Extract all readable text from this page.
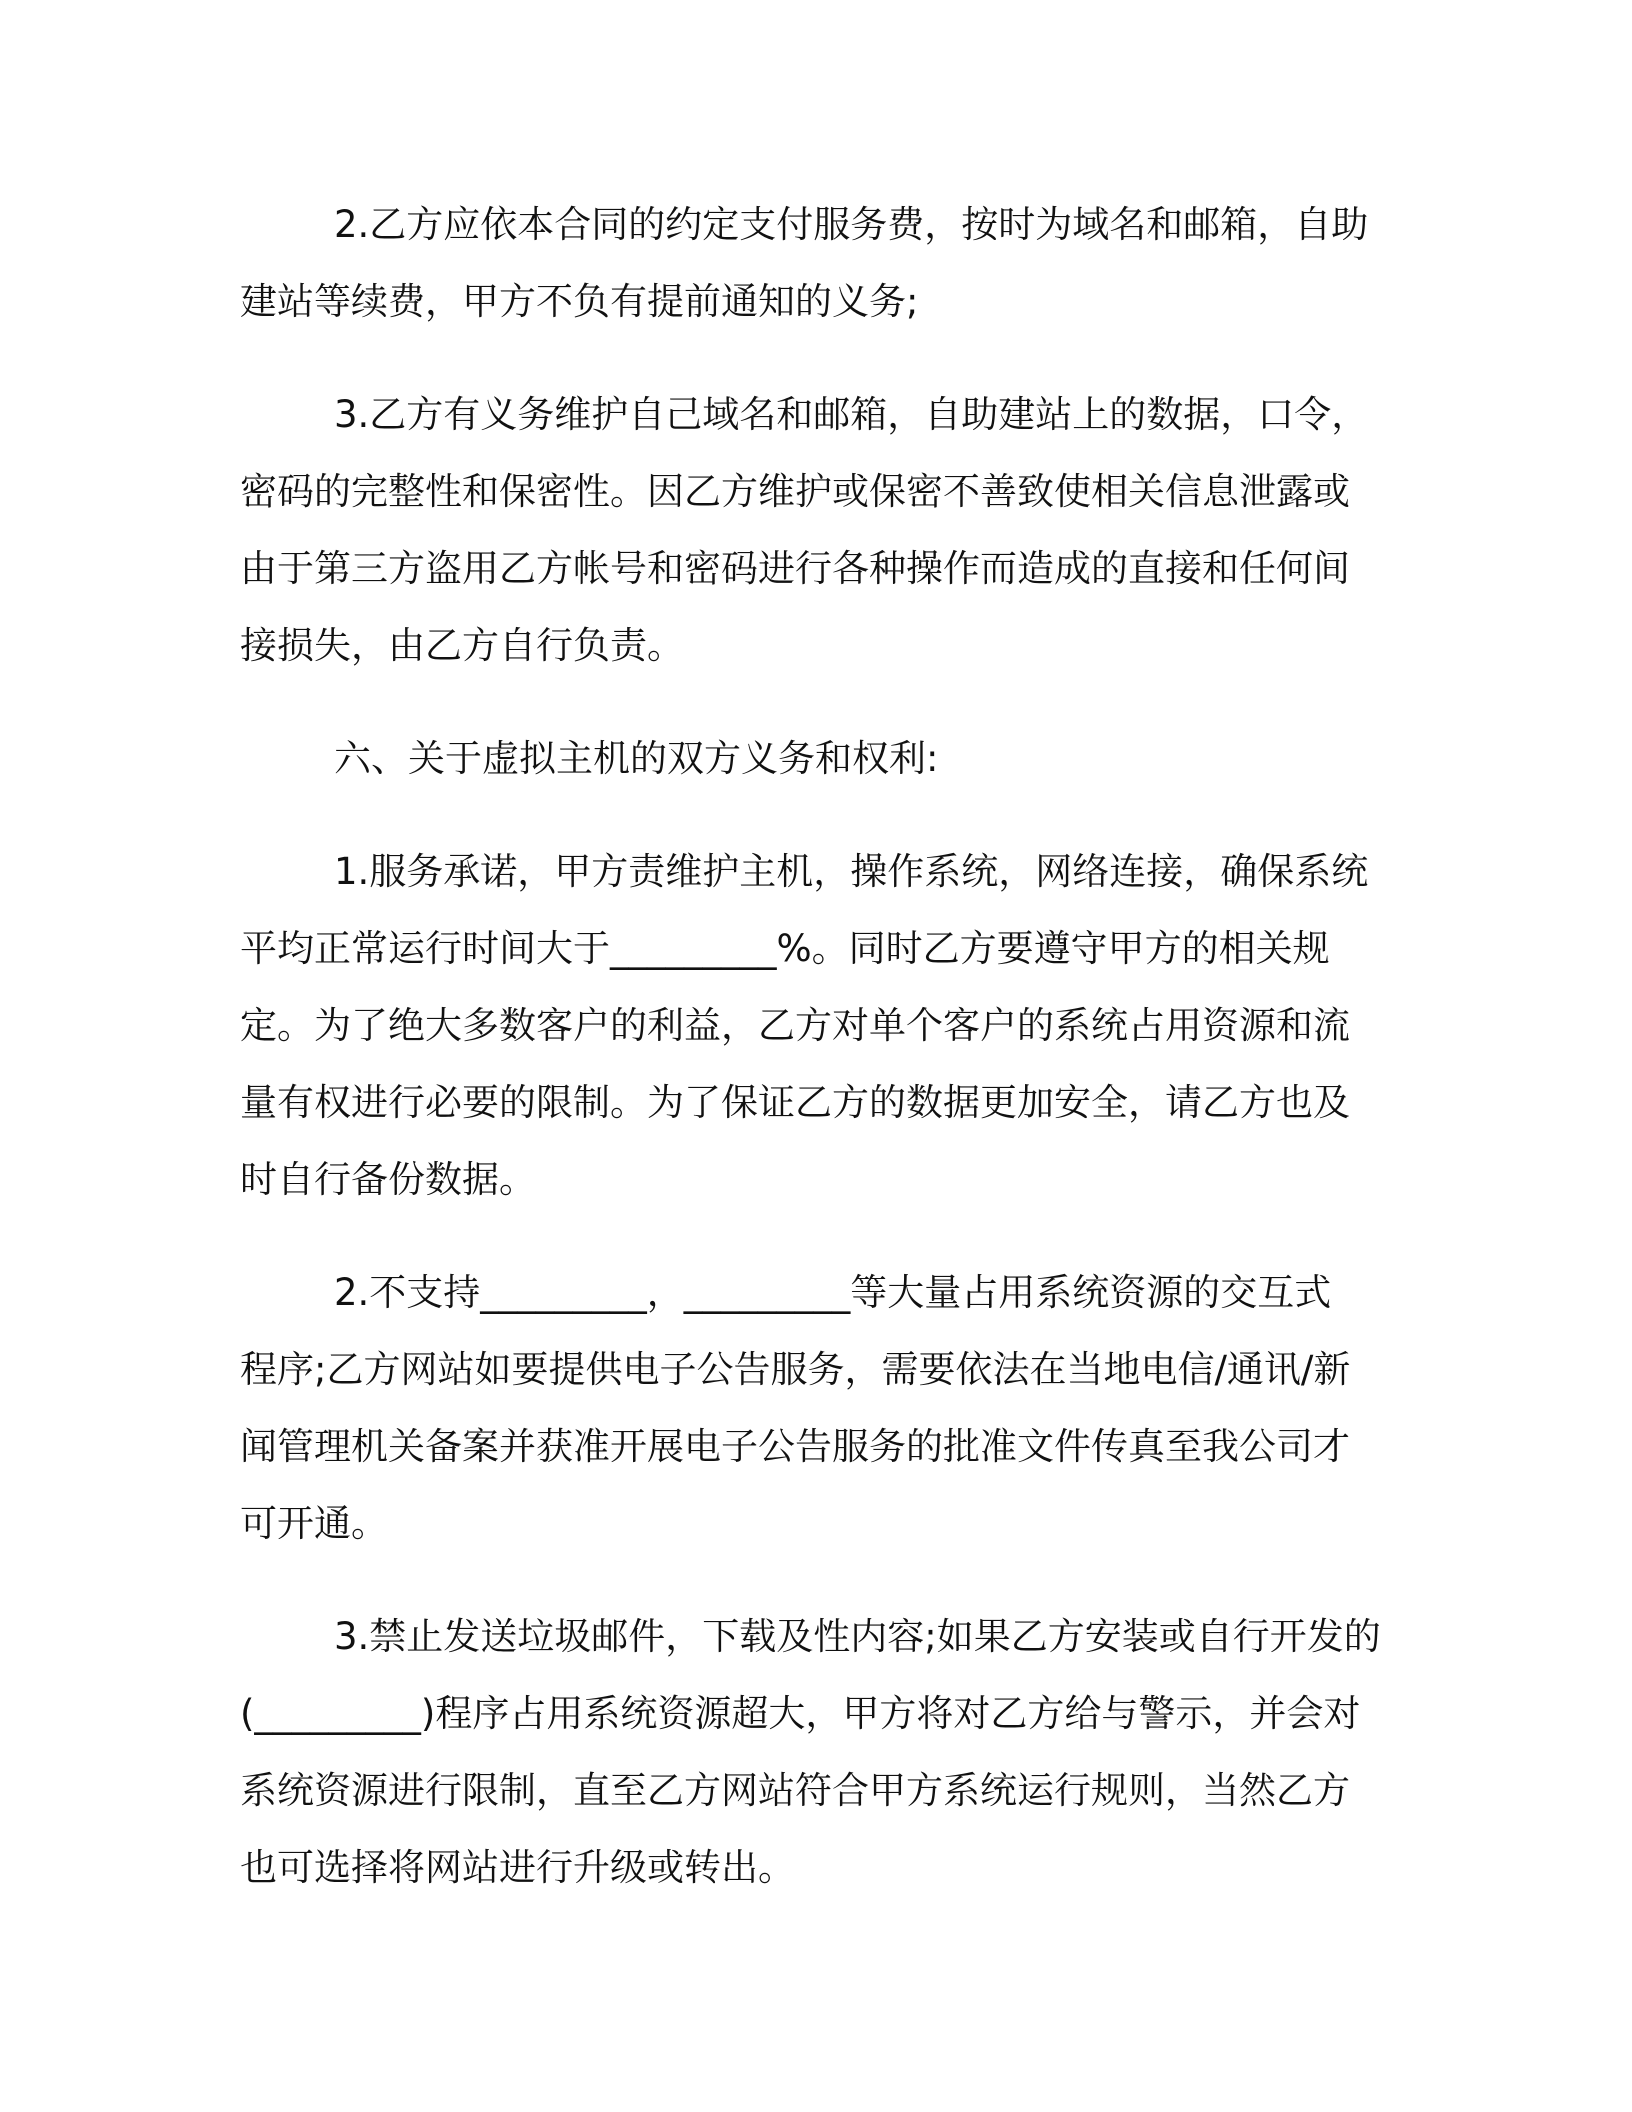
2.乙方应依本合同的约定支付服务费，按时为域名和邮箱，自助
建站等续费，甲方不负有提前通知的义务;
3.乙方有义务维护自己域名和邮箱，自助建站上的数据，口令，
密码的完整性和保密性。因乙方维护或保密不善致使相关信息泄露或
由于第三方盗用乙方帐号和密码进行各种操作而造成的直接和任何间
接损失，由乙方自行负责。
六、关于虚拟主机的双方义务和权利:
1.服务承诺，甲方责维护主机，操作系统，网络连接，确保系统
平均正常运行时间大于_________%。同时乙方要遵守甲方的相关规
定。为了绝大多数客户的利益，乙方对单个客户的系统占用资源和流
量有权进行必要的限制。为了保证乙方的数据更加安全，请乙方也及
时自行备份数据。
2.不支持_________，_________等大量占用系统资源的交互式
程序;乙方网站如要提供电子公告服务，需要依法在当地电信/通讯/新
闻管理机关备案并获准开展电子公告服务的批准文件传真至我公司才
可开通。
3.禁止发送垃圾邮件，下载及性内容;如果乙方安装或自行开发的
(_________)程序占用系统资源超大，甲方将对乙方给与警示，并会对
系统资源进行限制，直至乙方网站符合甲方系统运行规则，当然乙方
也可选择将网站进行升级或转出。
